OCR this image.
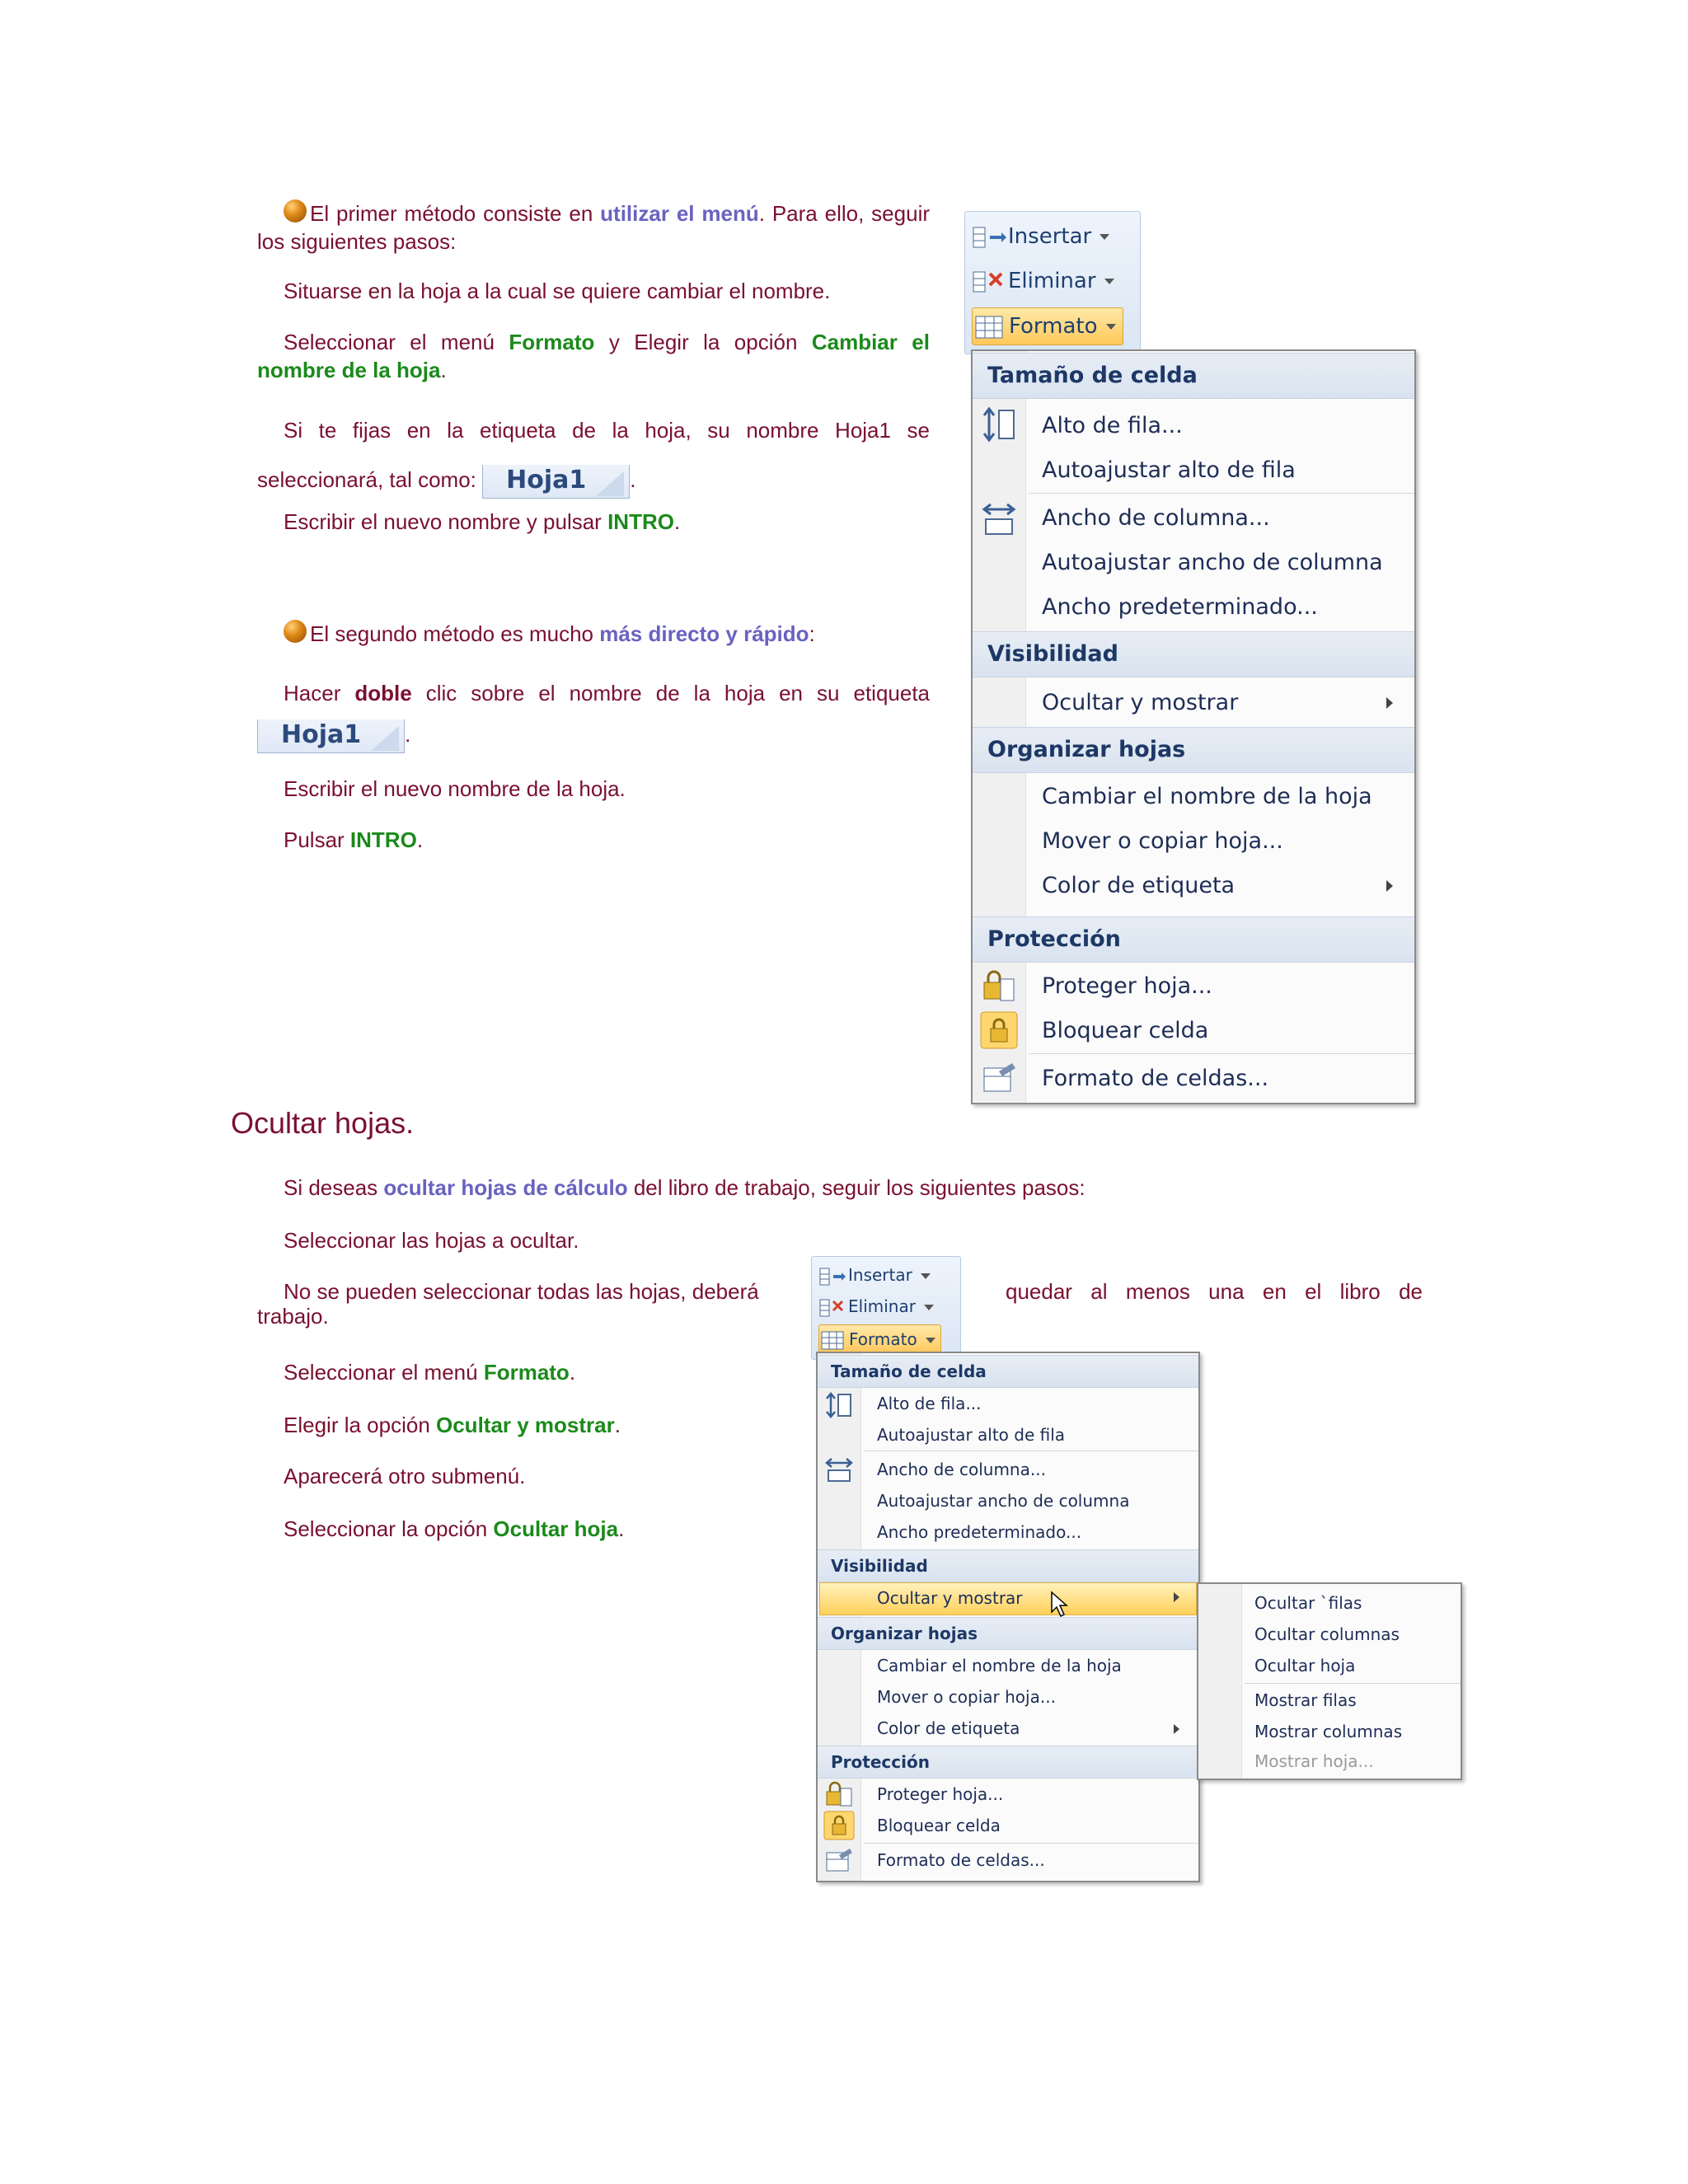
El primer método consiste en utilizar el menú. Para ello, seguir los siguientes pasos:
Situarse en la hoja a la cual se quiere cambiar el nombre.
Seleccionar el menú Formato y Elegir la opción Cambiar el nombre de la hoja.
Si te fijas en la etiqueta de la hoja, su nombre Hoja1 se seleccionará, tal como: Hoja1 .
Escribir el nuevo nombre y pulsar INTRO.
El segundo método es mucho más directo y rápido:
Hacer doble clic sobre el nombre de la hoja en su etiqueta Hoja1 .
Escribir el nuevo nombre de la hoja.
Pulsar INTRO.
Insertar
Eliminar
Formato
Tamaño de celda
Alto de fila...
Autoajustar alto de fila
Ancho de columna...
Autoajustar ancho de columna
Ancho predeterminado...
Visibilidad
Ocultar y mostrar
Organizar hojas
Cambiar el nombre de la hoja
Mover o copiar hoja...
Color de etiqueta
Protección
Proteger hoja...
Bloquear celda
Formato de celdas...
Ocultar hojas.
Si deseas ocultar hojas de cálculo del libro de trabajo, seguir los siguientes pasos:
Seleccionar las hojas a ocultar.
No se pueden seleccionar todas las hojas, deberá	quedar al menos una en el libro de
trabajo.
Seleccionar el menú Formato.
Elegir la opción Ocultar y mostrar.
Aparecerá otro submenú.
Seleccionar la opción Ocultar hoja.
Insertar
Eliminar
Formato
Tamaño de celda
Alto de fila...
Autoajustar alto de fila
Ancho de columna...
Autoajustar ancho de columna
Ancho predeterminado...
Visibilidad
Ocultar y mostrar
Organizar hojas
Cambiar el nombre de la hoja
Mover o copiar hoja...
Color de etiqueta
Protección
Proteger hoja...
Bloquear celda
Formato de celdas...
Ocultar `filas
Ocultar columnas
Ocultar hoja
Mostrar filas
Mostrar columnas
Mostrar hoja...
